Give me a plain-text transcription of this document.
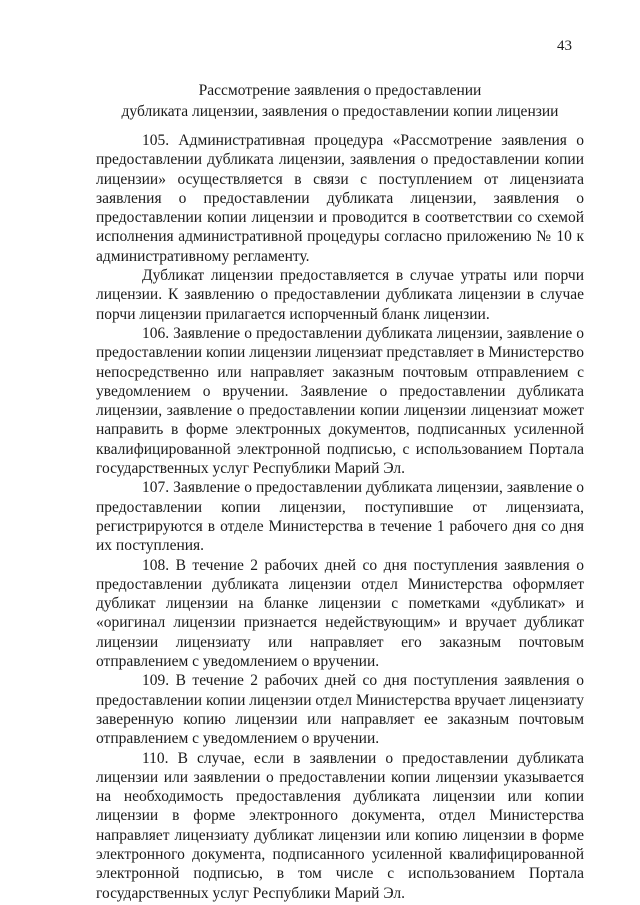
43
Рассмотрение заявления о предоставлении
дубликата лицензии, заявления о предоставлении копии лицензии

105. Административная процедура «Рассмотрение заявления о предоставлении дубликата лицензии, заявления о предоставлении копии лицензии» осуществляется в связи с поступлением от лицензиата заявления о предоставлении дубликата лицензии, заявления о предоставлении копии лицензии и проводится в соответствии со схемой исполнения административной процедуры согласно приложению № 10 к административному регламенту.

Дубликат лицензии предоставляется в случае утраты или порчи лицензии. К заявлению о предоставлении дубликата лицензии в случае порчи лицензии прилагается испорченный бланк лицензии.

106. Заявление о предоставлении дубликата лицензии, заявление о предоставлении копии лицензии лицензиат представляет в Министерство непосредственно или направляет заказным почтовым отправлением с уведомлением о вручении. Заявление о предоставлении дубликата лицензии, заявление о предоставлении копии лицензии лицензиат может направить в форме электронных документов, подписанных усиленной квалифицированной электронной подписью, с использованием Портала государственных услуг Республики Марий Эл.

107. Заявление о предоставлении дубликата лицензии, заявление о предоставлении копии лицензии, поступившие от лицензиата, регистрируются в отделе Министерства в течение 1 рабочего дня со дня их поступления.

108. В течение 2 рабочих дней со дня поступления заявления о предоставлении дубликата лицензии отдел Министерства оформляет дубликат лицензии на бланке лицензии с пометками «дубликат» и «оригинал лицензии признается недействующим» и вручает дубликат лицензии лицензиату или направляет его заказным почтовым отправлением с уведомлением о вручении.

109. В течение 2 рабочих дней со дня поступления заявления о предоставлении копии лицензии отдел Министерства вручает лицензиату заверенную копию лицензии или направляет ее заказным почтовым отправлением с уведомлением о вручении.

110. В случае, если в заявлении о предоставлении дубликата лицензии или заявлении о предоставлении копии лицензии указывается на необходимость предоставления дубликата лицензии или копии лицензии в форме электронного документа, отдел Министерства направляет лицензиату дубликат лицензии или копию лицензии в форме электронного документа, подписанного усиленной квалифицированной электронной подписью, в том числе с использованием Портала государственных услуг Республики Марий Эл.
